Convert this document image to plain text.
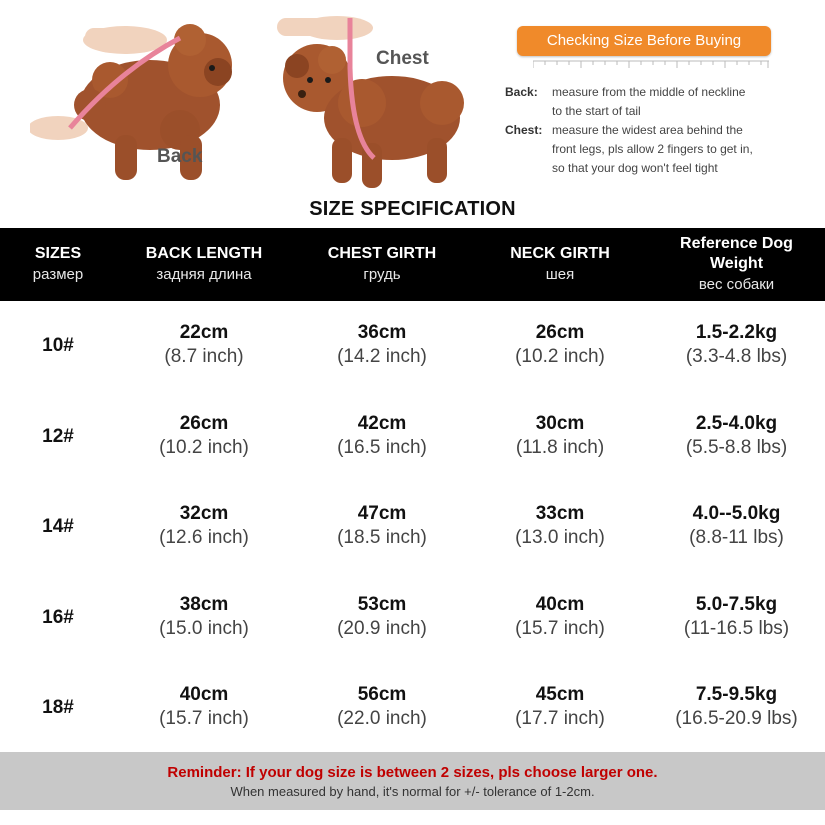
Back
Chest
Checking Size Before Buying
Back:	measure from the middle of neckline
to the start of tail
Chest: measure the widest area behind the
front legs, pls allow 2 fingers to get in,
so that your dog won't feel tight
SIZE SPECIFICATION
SIZES
размер
BACK LENGTH
задняя длина
CHEST GIRTH
грудь
NECK GIRTH
шея
Reference Dog
Weight
вес собаки
10#
22cm
(8.7 inch)
36cm
(14.2 inch)
26cm
(10.2 inch)
1.5-2.2kg
(3.3-4.8 lbs)
12#
26cm
(10.2 inch)
42cm
(16.5 inch)
30cm
(11.8 inch)
2.5-4.0kg
(5.5-8.8 lbs)
14#
32cm
(12.6 inch)
47cm
(18.5 inch)
33cm
(13.0 inch)
4.0--5.0kg
(8.8-11 lbs)
16#
38cm
(15.0 inch)
53cm
(20.9 inch)
40cm
(15.7 inch)
5.0-7.5kg
(11-16.5 lbs)
18#
40cm
(15.7 inch)
56cm
(22.0 inch)
45cm
(17.7 inch)
7.5-9.5kg
(16.5-20.9 lbs)
Reminder: If your dog size is between 2 sizes, pls choose larger one.
When measured by hand, it's normal for +/- tolerance of 1-2cm.
